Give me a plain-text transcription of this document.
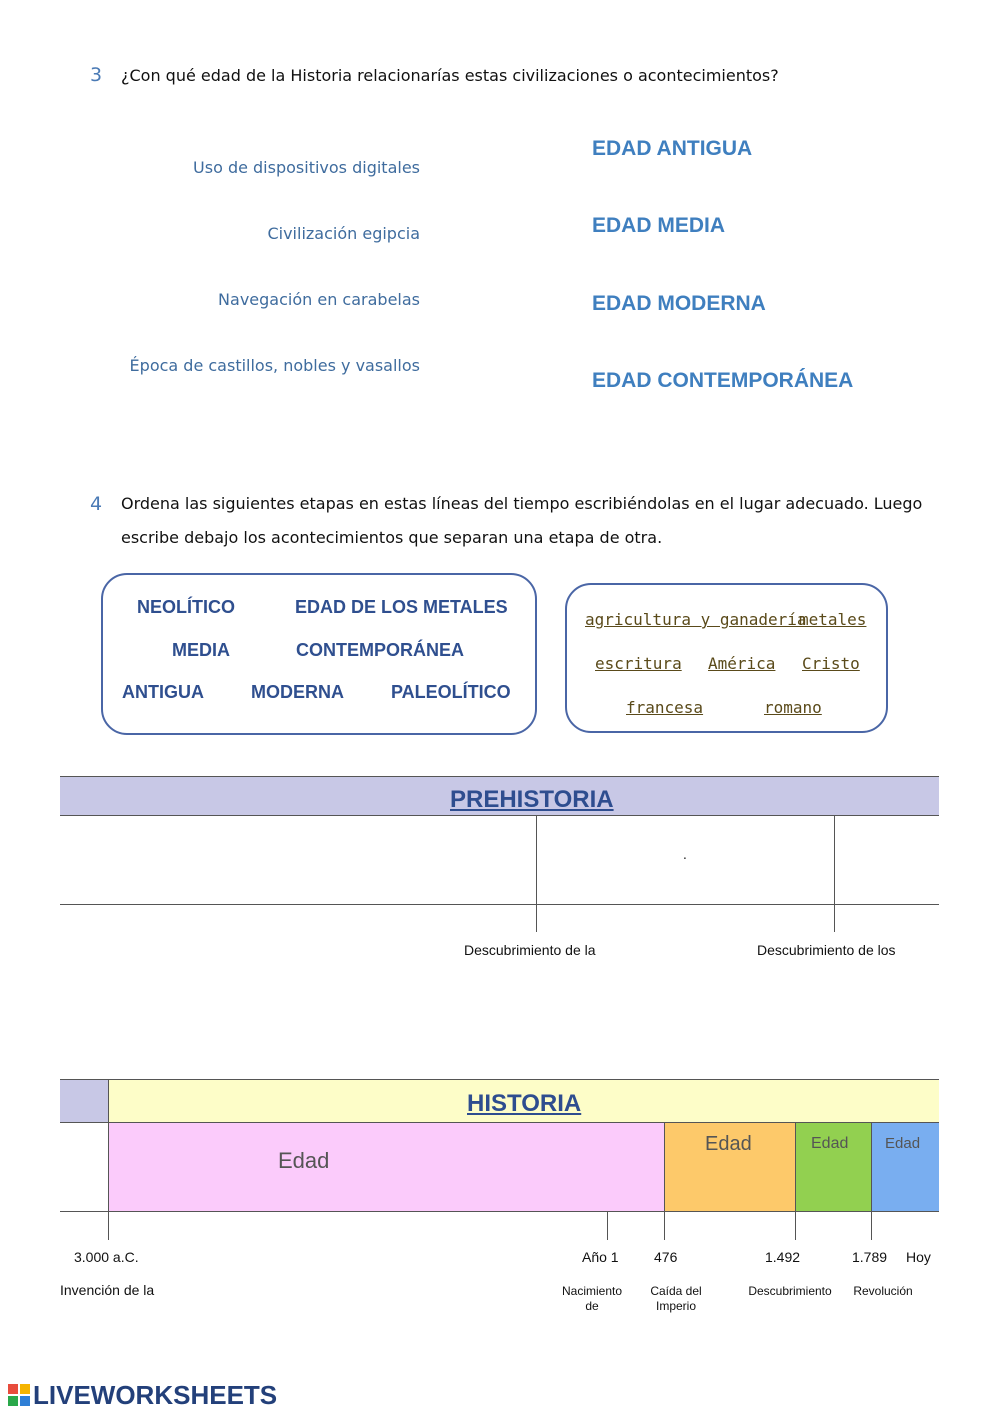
3 ¿Con qué edad de la Historia relacionarías estas civilizaciones o acontecimientos?
Uso de dispositivos digitales
Civilización egipcia
Navegación en carabelas
Época de castillos, nobles y vasallos
EDAD ANTIGUA
EDAD MEDIA
EDAD MODERNA
EDAD CONTEMPORÁNEA
4 Ordena las siguientes etapas en estas líneas del tiempo escribiéndolas en el lugar adecuado. Luego
escribe debajo los acontecimientos que separan una etapa de otra.
NEOLÍTICO	EDAD DE LOS METALES
MEDIA	CONTEMPORÁNEA
ANTIGUA	MODERNA	PALEOLÍTICO
agricultura y ganadería
metales
escritura América Cristo
francesa	romano
PREHISTORIA
.
Descubrimiento de la	Descubrimiento de los
HISTORIA
Edad
Edad	Edad Edad
3.000 a.C.	Año 1	476	1.492	1.789 Hoy
Invención de la	Nacimiento
de
Caída del
Imperio
Descubrimiento	Revolución
LIVEWORKSHEETS
